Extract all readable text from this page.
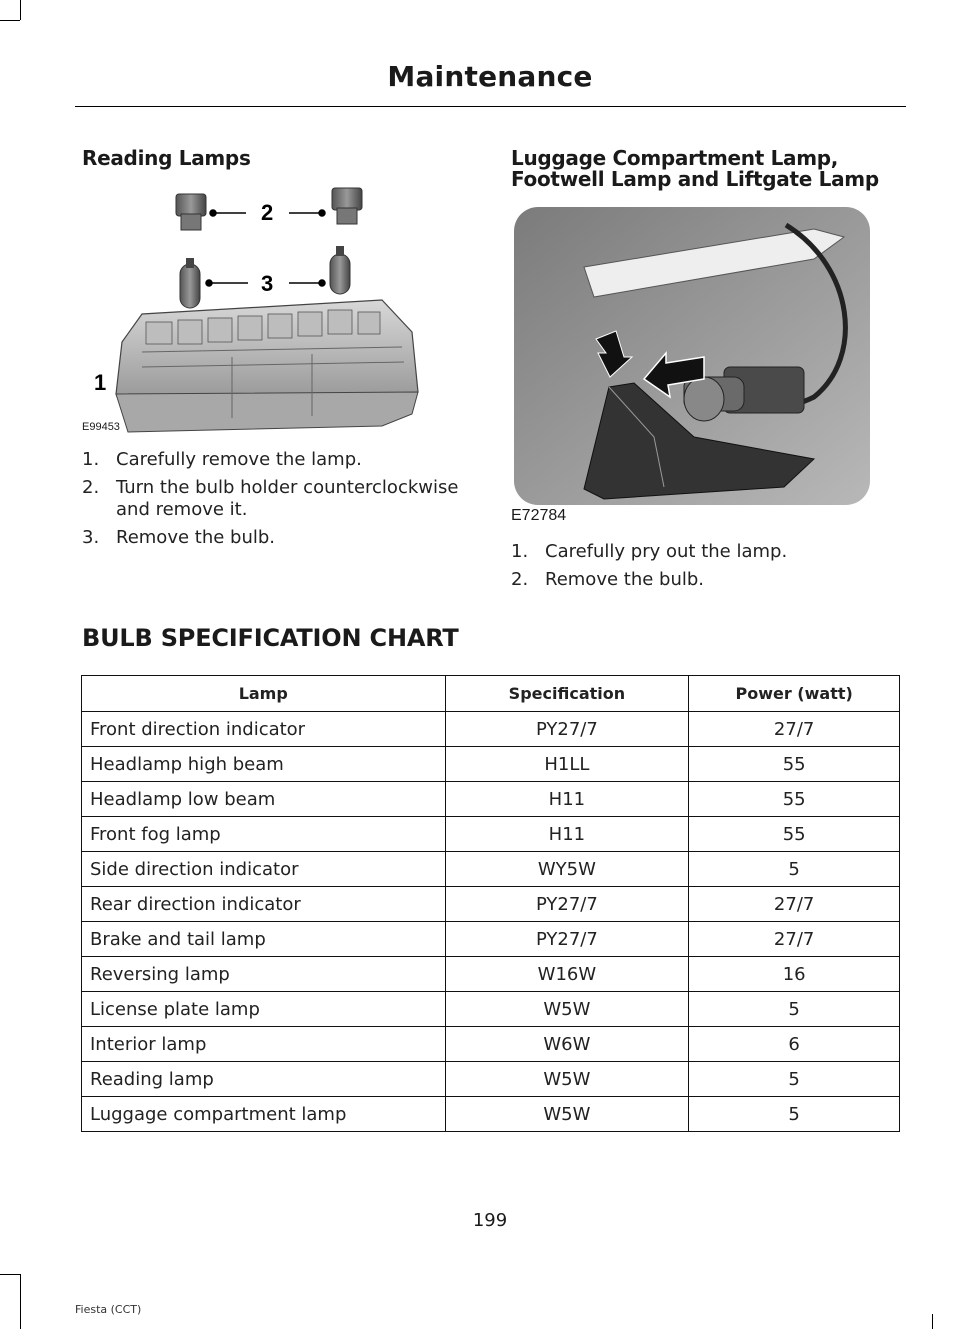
Maintenance
Reading Lamps
2
3
1
E99453
1. Carefully remove the lamp.
2. Turn the bulb holder counterclockwise and remove it.
3. Remove the bulb.
Luggage Compartment Lamp,
Footwell Lamp and Liftgate Lamp
E72784
1. Carefully pry out the lamp.
2. Remove the bulb.
BULB SPECIFICATION CHART
Lamp	Specification	Power (watt)
Front direction indicator	PY27/7	27/7
Headlamp high beam	H1LL	55
Headlamp low beam	H11	55
Front fog lamp	H11	55
Side direction indicator	WY5W	5
Rear direction indicator	PY27/7	27/7
Brake and tail lamp	PY27/7	27/7
Reversing lamp	W16W	16
License plate lamp	W5W	5
Interior lamp	W6W	6
Reading lamp	W5W	5
Luggage compartment lamp	W5W	5
199
Fiesta (CCT)
